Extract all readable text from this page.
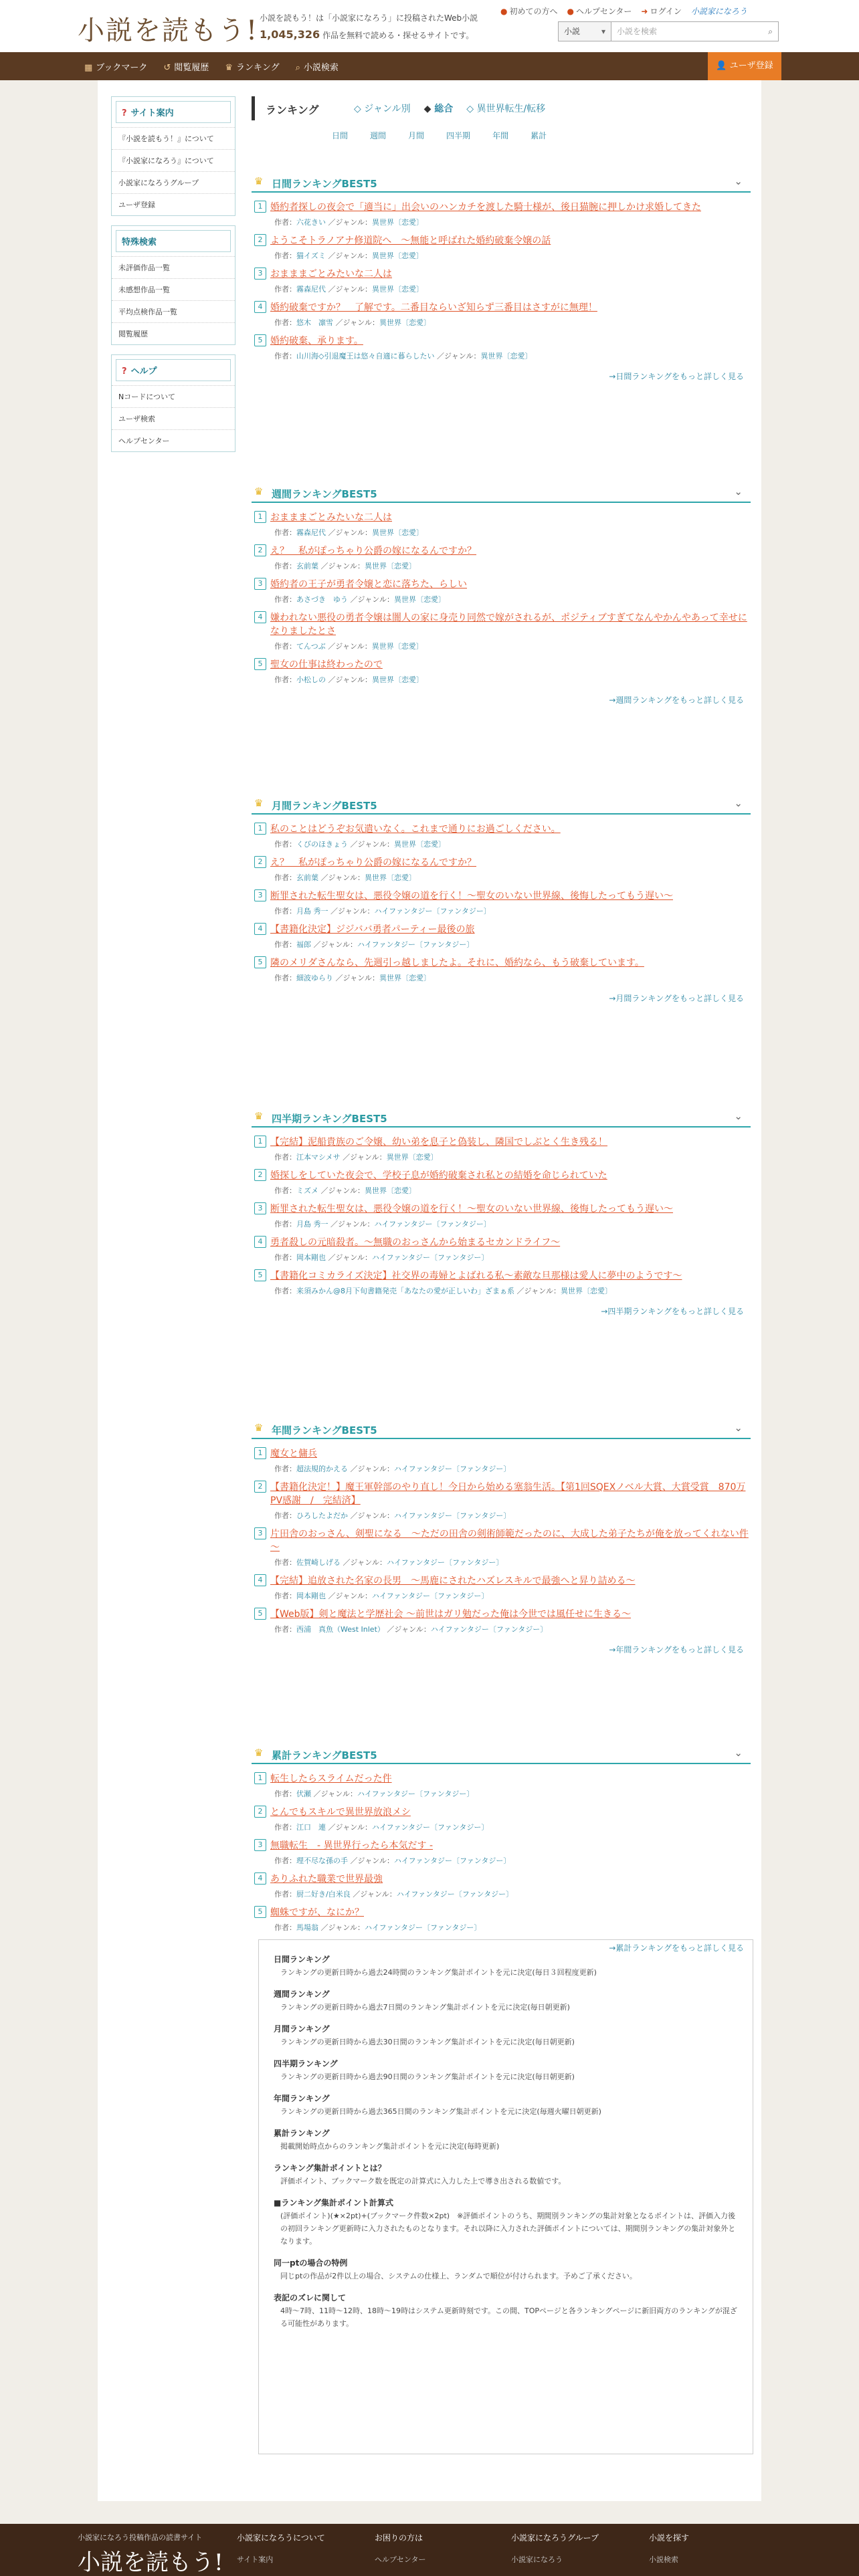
小説を読もう! 小説を読もう！は「小説家になろう」に投稿されたWeb小説
1,045,326 作品を無料で読める・探せるサイトです。
● 初めての方へ ● ヘルプセンター ➜ ログイン 小説家になろう
小説	▾	小説を検索	⌕
▦ ブックマーク ↺ 閲覧履歴 ♛ ランキング ⌕ 小説検索	👤 ユーザ登録
? サイト案内
『小説を読もう！』について
『小説家になろう』について
小説家になろうグループ
ユーザ登録
特殊検索
未評価作品一覧
未感想作品一覧
平均点検作品一覧
閲覧履歴
? ヘルプ
Nコードについて
ユーザ検索
ヘルプセンター
ランキング	◇ ジャンル別 ◆ 総合 ◇ 異世界転生/転移
日間	週間	月間	四半期	年間	累計
♛ 日間ランキングBEST5	⌄
1 婚約者探しの夜会で「適当に」出会いのハンカチを渡した騎士様が、後日猫腕に押しかけ求婚してきた
作者：六花きい ／ジャンル：異世界〔恋愛〕
2 ようこそトラノアナ修道院へ　～無能と呼ばれた婚約破棄令嬢の話
作者：猫イズミ ／ジャンル：異世界〔恋愛〕
3 おまままごとみたいな二人は
作者：霧森尼代 ／ジャンル：異世界〔恋愛〕
4 婚約破棄ですか？　了解です。二番目ならいざ知らず三番目はさすがに無理！
作者：悠木　凛雪 ／ジャンル：異世界〔恋愛〕
5 婚約破棄、承ります。
作者：山川海◇引退魔王は悠々自適に暮らしたい ／ジャンル：異世界〔恋愛〕
→日間ランキングをもっと詳しく見る
♛ 週間ランキングBEST5	⌄
1 おまままごとみたいな二人は
作者：霧森尼代 ／ジャンル：異世界〔恋愛〕
2 え？　私がぽっちゃり公爵の嫁になるんですか？
作者：玄前葉 ／ジャンル：異世界〔恋愛〕
3 婚約者の王子が勇者令嬢と恋に落ちた、らしい
作者：あさづき　ゆう ／ジャンル：異世界〔恋愛〕
4 嫌われない悪役の勇者令嬢は闇人の家に身売り同然で嫁がされるが、ポジティブすぎてなんやかんやあって幸せになりましたとさ
作者：てんつぶ ／ジャンル：異世界〔恋愛〕
5 聖女の仕事は終わったので
作者：小松しの ／ジャンル：異世界〔恋愛〕
→週間ランキングをもっと詳しく見る
♛ 月間ランキングBEST5	⌄
1 私のことはどうぞお気遣いなく。これまで通りにお過ごしください。
作者：くびのほきょう ／ジャンル：異世界〔恋愛〕
2 え？　私がぽっちゃり公爵の嫁になるんですか？
作者：玄前葉 ／ジャンル：異世界〔恋愛〕
3 断罪された転生聖女は、悪役令嬢の道を行く！～聖女のいない世界線、後悔したってもう遅い～
作者：月島 秀一 ／ジャンル：ハイファンタジー〔ファンタジー〕
4 【書籍化決定】ジジババ勇者パーティー最後の旅
作者：福郎 ／ジャンル：ハイファンタジー〔ファンタジー〕
5 隣のメリダさんなら、先週引っ越しましたよ。それに、婚約なら、もう破棄しています。
作者：細波ゆらり ／ジャンル：異世界〔恋愛〕
→月間ランキングをもっと詳しく見る
♛ 四半期ランキングBEST5	⌄
1 【完結】泥船貴族のご令嬢、幼い弟を息子と偽装し、隣国でしぶとく生き残る！
作者：江本マシメサ ／ジャンル：異世界〔恋愛〕
2 婚探しをしていた夜会で、学校子息が婚約破棄され私との結婚を命じられていた
作者：ミズメ ／ジャンル：異世界〔恋愛〕
3 断罪された転生聖女は、悪役令嬢の道を行く！～聖女のいない世界線、後悔したってもう遅い～
作者：月島 秀一 ／ジャンル：ハイファンタジー〔ファンタジー〕
4 勇者殺しの元暗殺者。～無職のおっさんから始まるセカンドライフ～
作者：岡本剛也 ／ジャンル：ハイファンタジー〔ファンタジー〕
5 【書籍化コミカライズ決定】社交界の毒婦とよばれる私～素敵な旦那様は愛人に夢中のようです～
作者：来須みかん@8月下旬書籍発売「あなたの愛が正しいわ」ざまぁ系 ／ジャンル：異世界〔恋愛〕
→四半期ランキングをもっと詳しく見る
♛ 年間ランキングBEST5	⌄
1 魔女と傭兵
作者：超法規的かえる ／ジャンル：ハイファンタジー〔ファンタジー〕
2 【書籍化決定！】魔王軍幹部のやり直し！今日から始める塞翁生活。【第1回SQEXノベル大賞、大賞受賞　870万PV感謝　/　完結済】
作者：ひろしたよだか ／ジャンル：ハイファンタジー〔ファンタジー〕
3 片田舎のおっさん、剣聖になる　～ただの田舎の剣術師範だったのに、大成した弟子たちが俺を放ってくれない件～
作者：佐賀崎しげる ／ジャンル：ハイファンタジー〔ファンタジー〕
4 【完結】追放された名家の長男　～馬鹿にされたハズレスキルで最強へと昇り詰める～
作者：岡本剛也 ／ジャンル：ハイファンタジー〔ファンタジー〕
5 【Web版】剣と魔法と学歴社会 ～前世はガリ勉だった俺は今世では風任せに生きる～
作者：西浦　真魚（West Inlet） ／ジャンル：ハイファンタジー〔ファンタジー〕
→年間ランキングをもっと詳しく見る
♛ 累計ランキングBEST5	⌄
1 転生したらスライムだった件
作者：伏瀬 ／ジャンル：ハイファンタジー〔ファンタジー〕
2 とんでもスキルで異世界放浪メシ
作者：江口　連 ／ジャンル：ハイファンタジー〔ファンタジー〕
3 無職転生　- 異世界行ったら本気だす -
作者：理不尽な孫の手 ／ジャンル：ハイファンタジー〔ファンタジー〕
4 ありふれた職業で世界最強
作者：厨二好き/白米良 ／ジャンル：ハイファンタジー〔ファンタジー〕
5 蜘蛛ですが、なにか？
作者：馬場翁 ／ジャンル：ハイファンタジー〔ファンタジー〕
→累計ランキングをもっと詳しく見る
日間ランキング
ランキングの更新日時から過去24時間のランキング集計ポイントを元に決定(毎日３回程度更新)
週間ランキング
ランキングの更新日時から過去7日間のランキング集計ポイントを元に決定(毎日朝更新)
月間ランキング
ランキングの更新日時から過去30日間のランキング集計ポイントを元に決定(毎日朝更新)
四半期ランキング
ランキングの更新日時から過去90日間のランキング集計ポイントを元に決定(毎日朝更新)
年間ランキング
ランキングの更新日時から過去365日間のランキング集計ポイントを元に決定(毎週火曜日朝更新)
累計ランキング
掲載開始時点からのランキング集計ポイントを元に決定(毎時更新)
ランキング集計ポイントとは？
評価ポイント、ブックマーク数を既定の計算式に入力した上で導き出される数値です。
■ランキング集計ポイント計算式
(評価ポイント)(★×2pt)+(ブックマーク件数×2pt)　※評価ポイントのうち、期間別ランキングの集計対象となるポイントは、評価入力後の初回ランキング更新時に入力されたものとなります。それ以降に入力された評価ポイントについては、期間別ランキングの集計対象外となります。
同一ptの場合の特例
同じptの作品が2件以上の場合、システムの仕様上、ランダムで順位が付けられます。予めご了承ください。
表記のズレに関して
4時〜7時、11時〜12時、18時〜19時はシステム更新時刻です。この間、TOPページと各ランキングページに新旧両方のランキングが混ざる可能性があります。
小説家になろう投稿作品の読書サイト
小説を読もう!
小説家になろうについて
サイト案内
お困りの方は
ヘルプセンター
小説家になろうグループ
小説家になろう
小説を探す
小説検索
